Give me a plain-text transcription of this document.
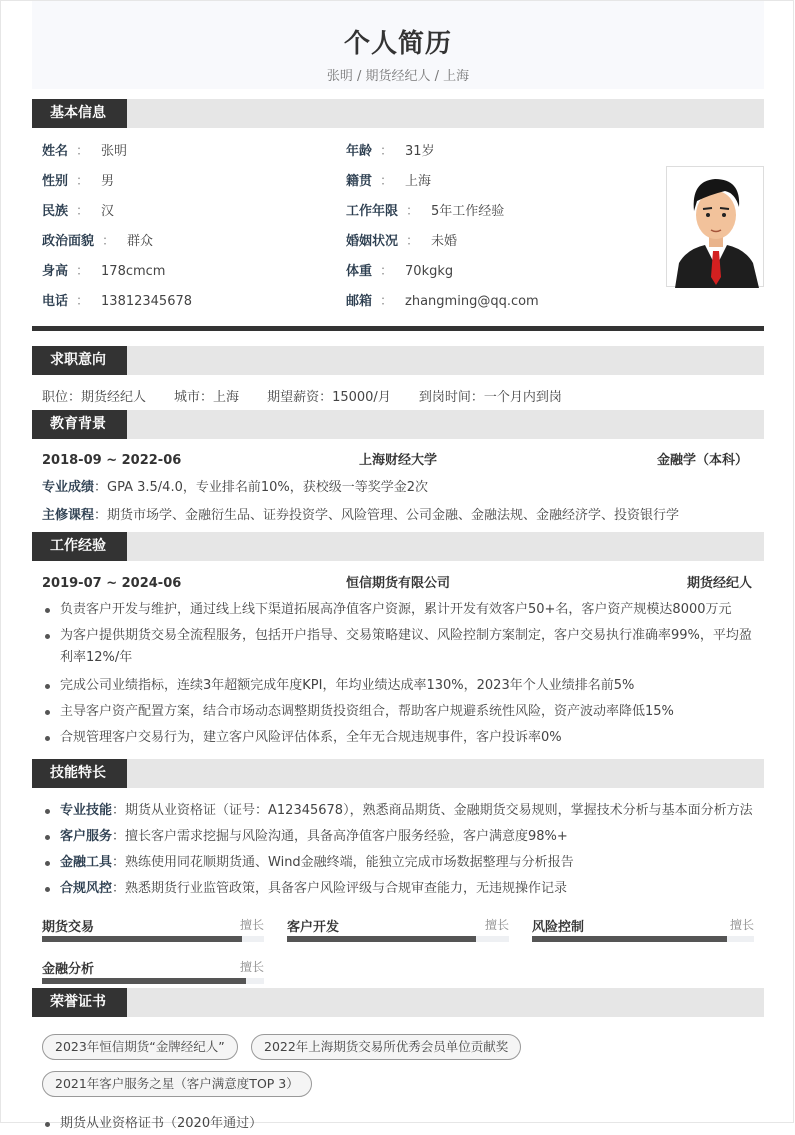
个人简历
张明 / 期货经纪人 / 上海
基本信息
姓名 ： 张明
性别 ： 男
民族 ： 汉
政治面貌 ： 群众
身高 ： 178cmcm
电话 ： 13812345678
年龄 ： 31岁
籍贯 ： 上海
工作年限 ： 5年工作经验
婚姻状况 ： 未婚
体重 ： 70kgkg
邮箱 ： zhangming@qq.com
求职意向
职位：期货经纪人 城市：上海 期望薪资：15000/月 到岗时间：一个月内到岗
教育背景
2018-09 ~ 2022-06	上海财经大学	金融学（本科）
专业成绩：GPA 3.5/4.0，专业排名前10%，获校级一等奖学金2次
主修课程：期货市场学、金融衍生品、证券投资学、风险管理、公司金融、金融法规、金融经济学、投资银行学
工作经验
2019-07 ~ 2024-06	恒信期货有限公司	期货经纪人
负责客户开发与维护，通过线上线下渠道拓展高净值客户资源，累计开发有效客户50+名，客户资产规模达8000万元
为客户提供期货交易全流程服务，包括开户指导、交易策略建议、风险控制方案制定，客户交易执行准确率99%，平均盈利率12%/年
完成公司业绩指标，连续3年超额完成年度KPI，年均业绩达成率130%，2023年个人业绩排名前5%
主导客户资产配置方案，结合市场动态调整期货投资组合，帮助客户规避系统性风险，资产波动率降低15%
合规管理客户交易行为，建立客户风险评估体系，全年无合规违规事件，客户投诉率0%
技能特长
专业技能：期货从业资格证（证号：A12345678），熟悉商品期货、金融期货交易规则，掌握技术分析与基本面分析方法
客户服务：擅长客户需求挖掘与风险沟通，具备高净值客户服务经验，客户满意度98%+
金融工具：熟练使用同花顺期货通、Wind金融终端，能独立完成市场数据整理与分析报告
合规风控：熟悉期货行业监管政策，具备客户风险评级与合规审查能力，无违规操作记录
期货交易	擅长 客户开发	擅长 风险控制	擅长
金融分析	擅长
荣誉证书
2023年恒信期货“金牌经纪人”	2022年上海期货交易所优秀会员单位贡献奖
2021年客户服务之星（客户满意度TOP 3）
期货从业资格证书（2020年通过）
